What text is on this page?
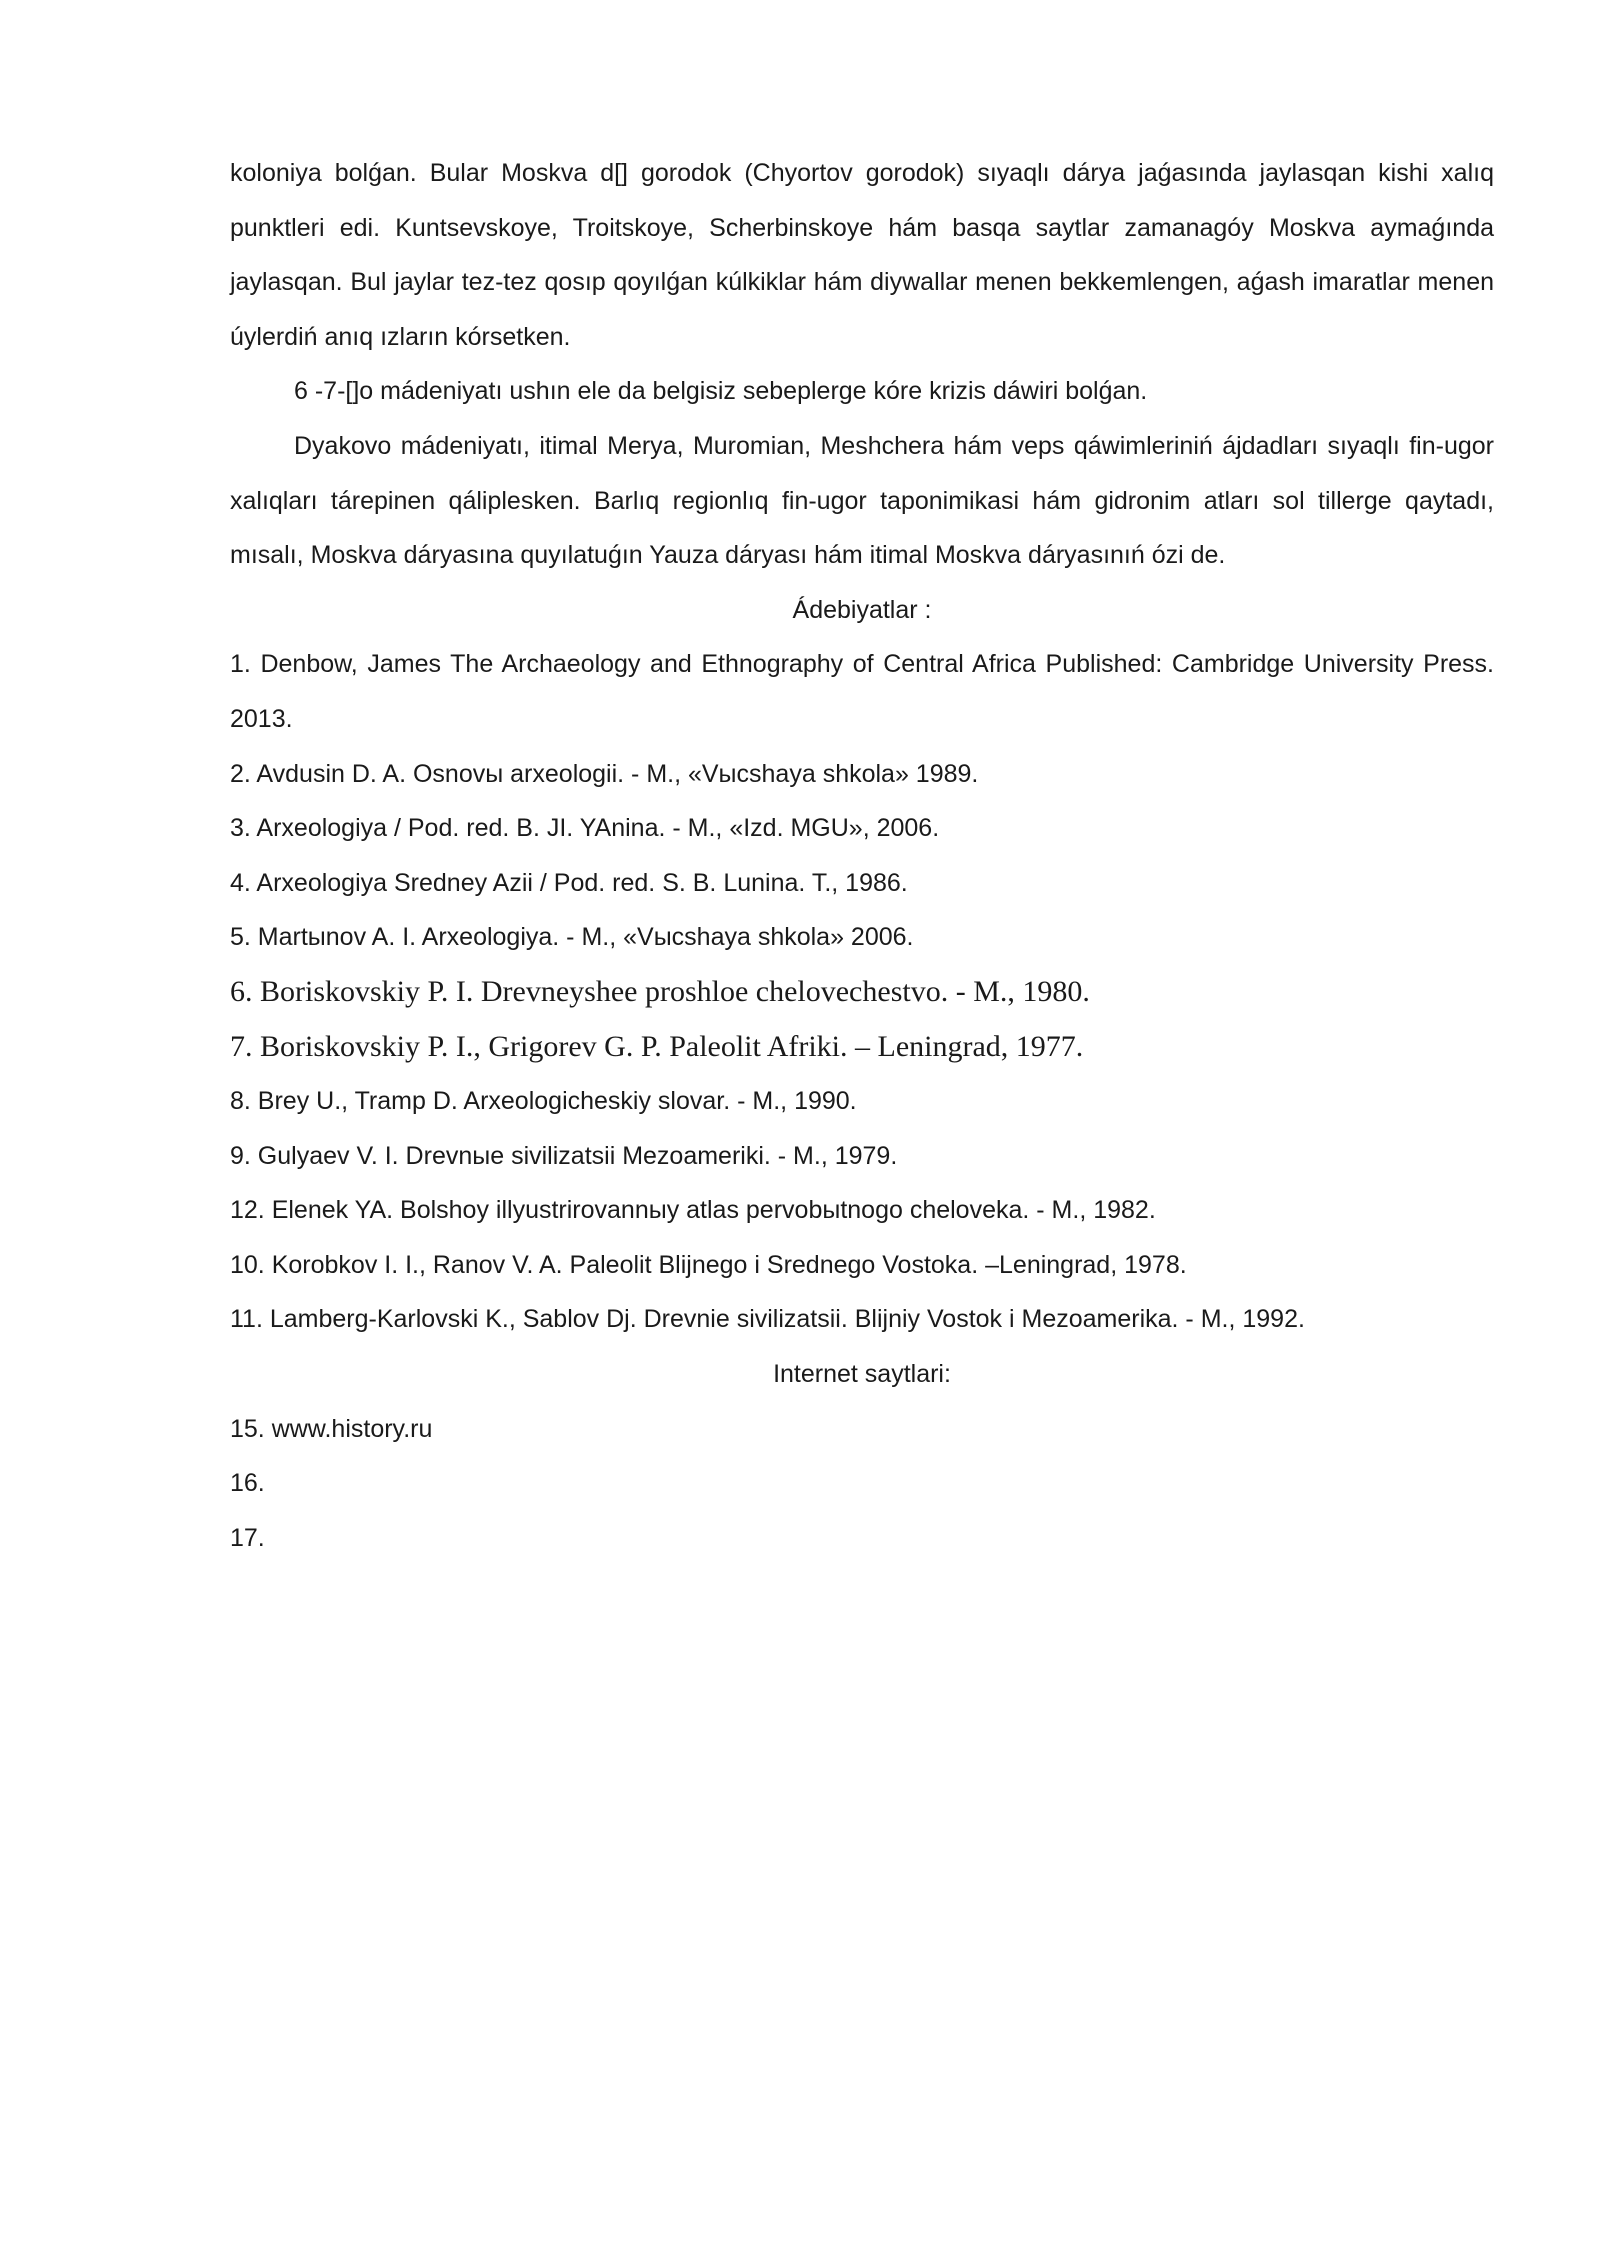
koloniya bolǵan. Bular Moskva d[] gorodok (Chyortov gorodok) sıyaqlı dárya jaǵasında jaylasqan kishi xalıq punktleri edi. Kuntsevskoye, Troitskoye, Scherbinskoye hám basqa saytlar zamanagóy Moskva aymaǵında jaylasqan. Bul jaylar tez-tez qosıp qoyılǵan kúlkiklar hám diywallar menen bekkemlengen, aǵash imaratlar menen úylerdiń anıq ızların kórsetken.

6 -7-[]o mádeniyatı ushın ele da belgisiz sebeplerge kóre krizis dáwiri bolǵan.

Dyakovo mádeniyatı, itimal Merya, Muromian, Meshchera hám veps qáwimleriniń ájdadları sıyaqlı fin-ugor xalıqları tárepinen qáliplesken. Barlıq regionlıq fin-ugor taponimikasi hám gidronim atları sol tillerge qaytadı, mısalı, Moskva dáryasına quyılatuǵın Yauza dáryası hám itimal Moskva dáryasınıń ózi de.

Ádebiyatlar :

1. Denbow, James The Archaeology and Ethnography of Central Africa Published: Cambridge University Press. 2013.

2. Avdusin D. A. Osnovы arxeologii. - M., «Vысshaya shkola» 1989.

3. Arxeologiya / Pod. red. B. JI. YAnina. - M., «Izd. MGU», 2006.

4. Arxeologiya Sredney Azii / Pod. red. S. B. Lunina. T., 1986.

5. Martыnov A. I. Arxeologiya. - M., «Vысshaya shkola» 2006.

6. Boriskovskiy P. I. Drevneyshee proshloe chelovechestvo. - M., 1980.

7. Boriskovskiy P. I., Grigorev G. P. Paleolit Afriki. – Leningrad, 1977.

8. Brey U., Tramp D. Arxeologicheskiy slovar. - M., 1990.

9. Gulyaev V. I. Drevnые sivilizatsii Mezoameriki. - M., 1979.

12. Elenek YA. Bolshoy illyustrirovannыy atlas pervobыtnogo cheloveka. - M., 1982.

10. Korobkov I. I., Ranov V. A. Paleolit Blijnego i Srednego Vostoka. –Leningrad, 1978.

11. Lamberg-Karlovski K., Sablov Dj. Drevnie sivilizatsii. Blijniy Vostok i Mezoamerika. - M., 1992.

Internet saytlari:

15. www.history.ru

16.

17.
